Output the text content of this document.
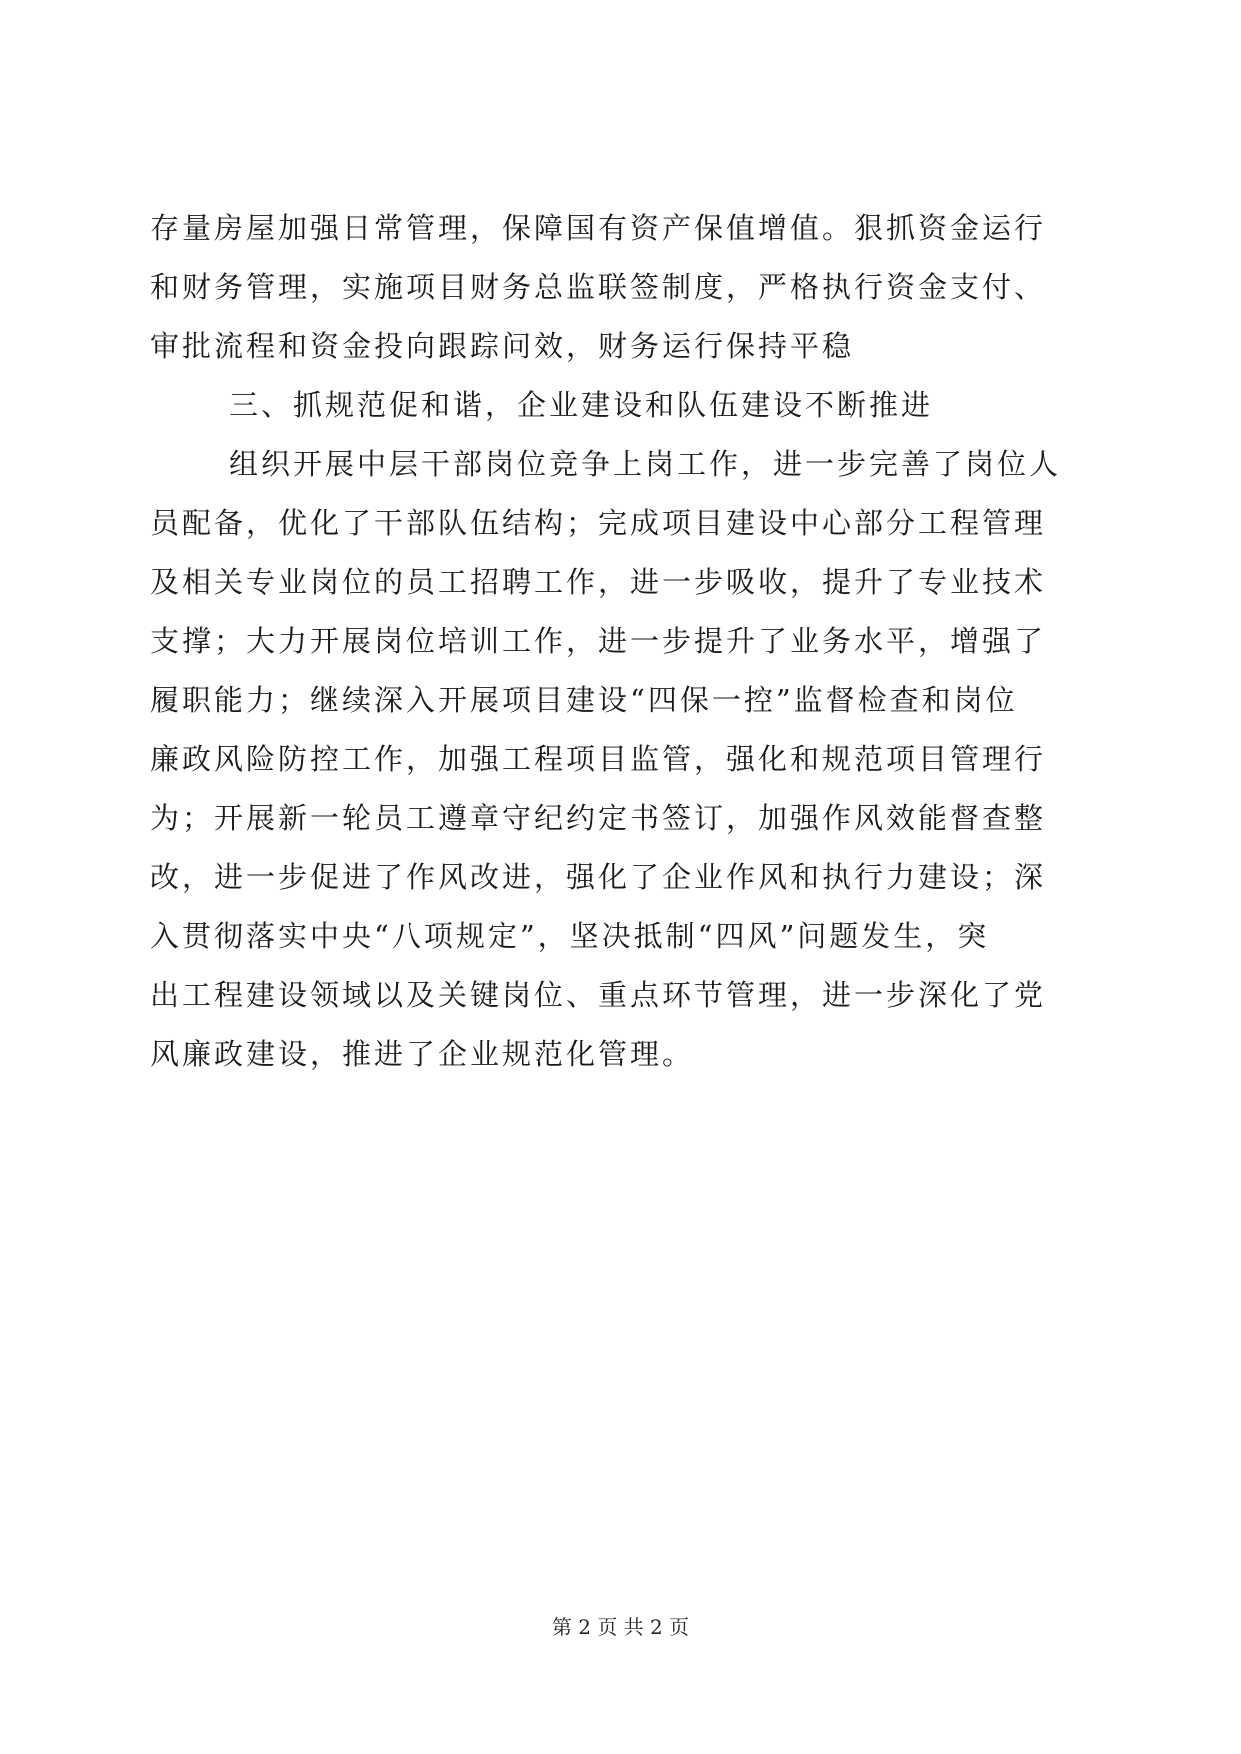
存量房屋加强日常管理，保障国有资产保值增值。狠抓资金运行
和财务管理，实施项目财务总监联签制度，严格执行资金支付、
审批流程和资金投向跟踪问效，财务运行保持平稳
三、抓规范促和谐，企业建设和队伍建设不断推进
组织开展中层干部岗位竞争上岗工作，进一步完善了岗位人
员配备，优化了干部队伍结构；完成项目建设中心部分工程管理
及相关专业岗位的员工招聘工作，进一步吸收，提升了专业技术
支撑；大力开展岗位培训工作，进一步提升了业务水平，增强了
履职能力；继续深入开展项目建设“四保一控”监督检查和岗位
廉政风险防控工作，加强工程项目监管，强化和规范项目管理行
为；开展新一轮员工遵章守纪约定书签订，加强作风效能督查整
改，进一步促进了作风改进，强化了企业作风和执行力建设；深
入贯彻落实中央“八项规定”，坚决抵制“四风”问题发生，突
出工程建设领域以及关键岗位、重点环节管理，进一步深化了党
风廉政建设，推进了企业规范化管理。
第 2 页 共 2 页
